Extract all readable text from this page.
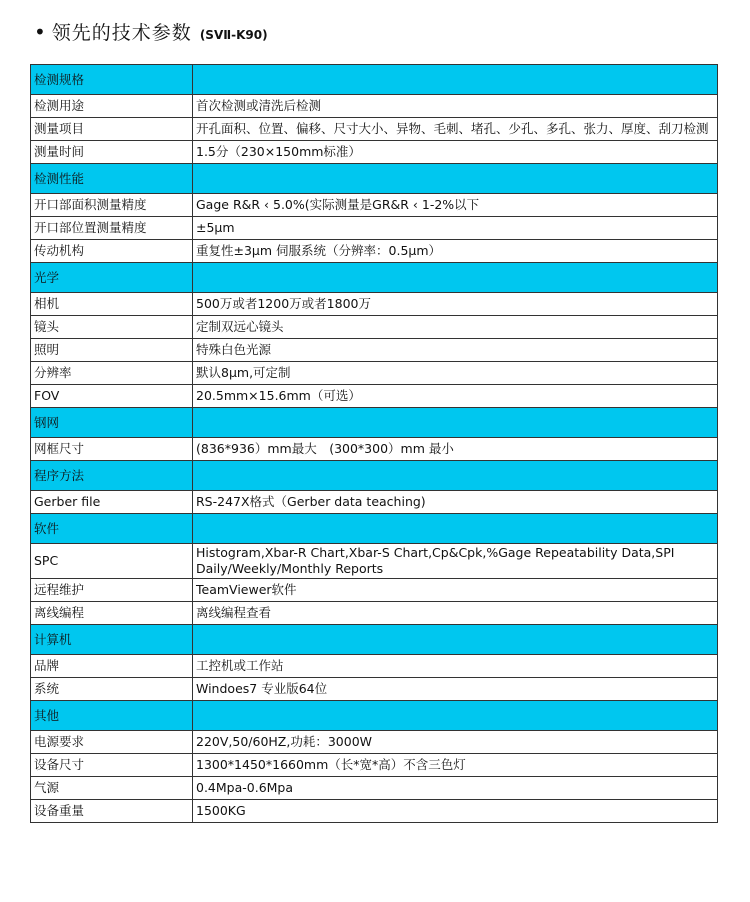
• 领先的技术参数 (SVⅡ-K90)
检测规格	
检测用途	首次检测或清洗后检测
测量项目	开孔面积、位置、偏移、尺寸大小、异物、毛刺、堵孔、少孔、多孔、张力、厚度、刮刀检测
测量时间	1.5分（230×150mm标准）
检测性能	
开口部面积测量精度	Gage R&R ‹ 5.0%(实际测量是GR&R ‹ 1-2%以下
开口部位置测量精度	±5μm
传动机构	重复性±3μm 伺服系统（分辨率：0.5μm）
光学	
相机	500万或者1200万或者1800万
镜头	定制双远心镜头
照明	特殊白色光源
分辨率	默认8μm,可定制
FOV	20.5mm×15.6mm（可选）
钢网	
网框尺寸	(836*936）mm最大　(300*300）mm 最小
程序方法	
Gerber file	RS-247X格式（Gerber data teaching)
软件	
SPC	Histogram,Xbar-R Chart,Xbar-S Chart,Cp&Cpk,%Gage Repeatability Data,SPI Daily/Weekly/Monthly Reports
远程维护	TeamViewer软件
离线编程	离线编程查看
计算机	
品牌	工控机或工作站
系统	Windoes7 专业版64位
其他	
电源要求	220V,50/60HZ,功耗：3000W
设备尺寸	1300*1450*1660mm（长*宽*高）不含三色灯
气源	0.4Mpa-0.6Mpa
设备重量	1500KG
